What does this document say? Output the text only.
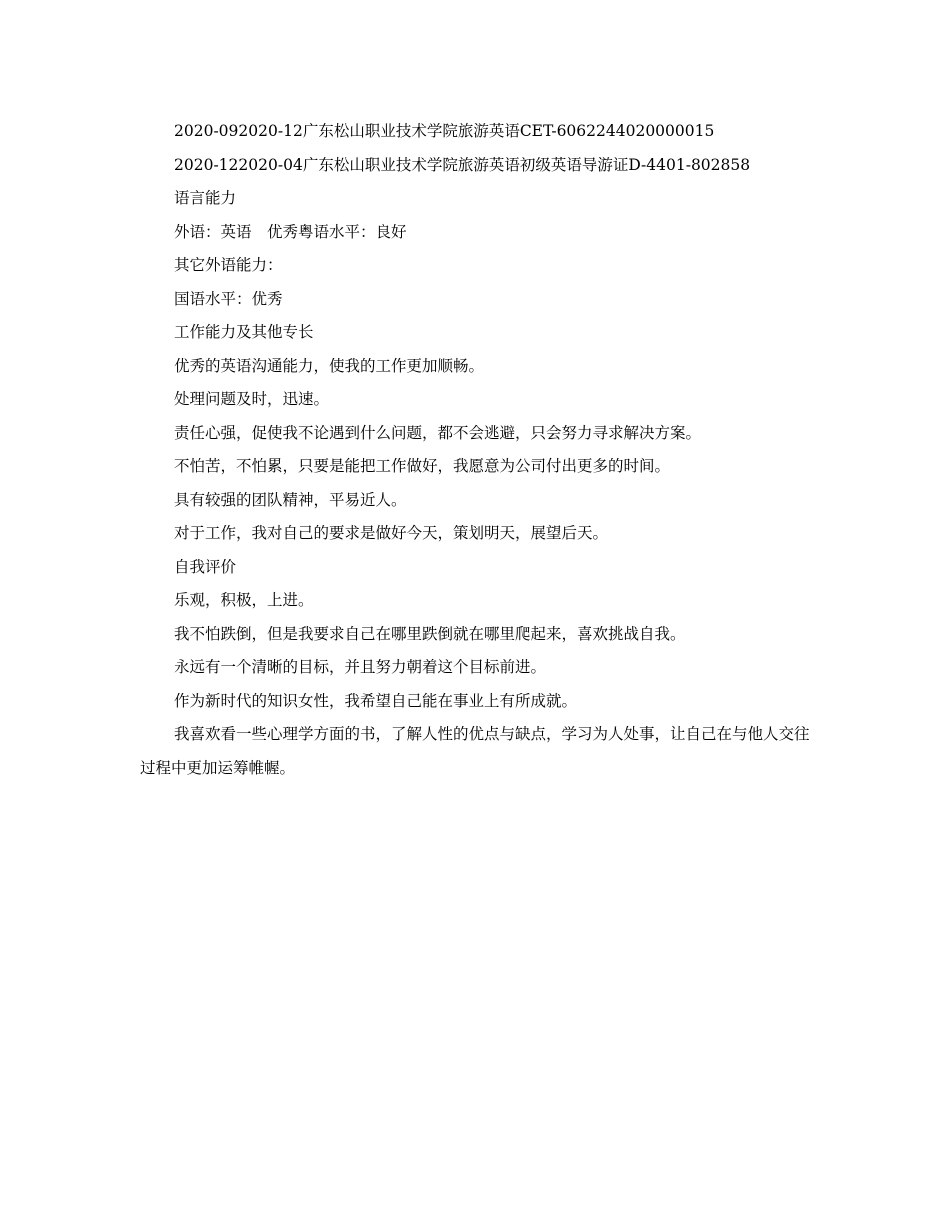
2020-092020-12广东松山职业技术学院旅游英语CET-6062244020000015

2020-122020-04广东松山职业技术学院旅游英语初级英语导游证D-4401-802858

语言能力

外语：英语　优秀粤语水平：良好

其它外语能力：

国语水平：优秀

工作能力及其他专长

优秀的英语沟通能力，使我的工作更加顺畅。

处理问题及时，迅速。

责任心强，促使我不论遇到什么问题，都不会逃避，只会努力寻求解决方案。

不怕苦，不怕累，只要是能把工作做好，我愿意为公司付出更多的时间。

具有较强的团队精神，平易近人。

对于工作，我对自己的要求是做好今天，策划明天，展望后天。

自我评价

乐观，积极，上进。

我不怕跌倒，但是我要求自己在哪里跌倒就在哪里爬起来，喜欢挑战自我。

永远有一个清晰的目标，并且努力朝着这个目标前进。

作为新时代的知识女性，我希望自己能在事业上有所成就。

我喜欢看一些心理学方面的书，了解人性的优点与缺点，学习为人处事，让自己在与他人交往过程中更加运筹帷幄。
